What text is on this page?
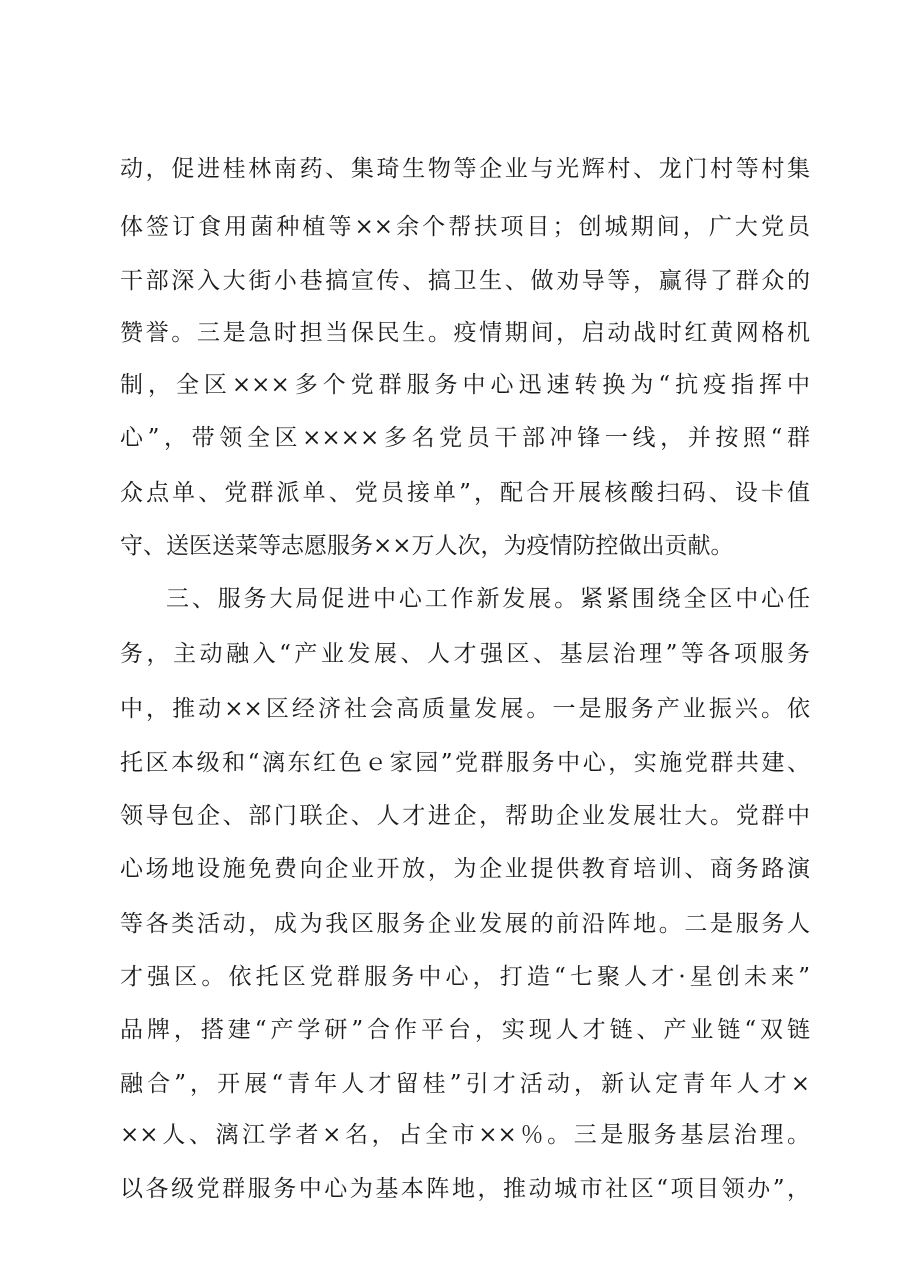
动，促进桂林南药、集琦生物等企业与光辉村、龙门村等村集
体签订食用菌种植等××余个帮扶项目；创城期间，广大党员
干部深入大街小巷搞宣传、搞卫生、做劝导等，赢得了群众的
赞誉。三是急时担当保民生。疫情期间，启动战时红黄网格机
制，全区×××多个党群服务中心迅速转换为“抗疫指挥中
心”，带领全区××××多名党员干部冲锋一线，并按照“群
众点单、党群派单、党员接单”，配合开展核酸扫码、设卡值
守、送医送菜等志愿服务××万人次，为疫情防控做出贡献。
三、服务大局促进中心工作新发展。紧紧围绕全区中心任
务，主动融入“产业发展、人才强区、基层治理”等各项服务
中，推动××区经济社会高质量发展。一是服务产业振兴。依
托区本级和“漓东红色ｅ家园”党群服务中心，实施党群共建、
领导包企、部门联企、人才进企，帮助企业发展壮大。党群中
心场地设施免费向企业开放，为企业提供教育培训、商务路演
等各类活动，成为我区服务企业发展的前沿阵地。二是服务人
才强区。依托区党群服务中心，打造“七聚人才·星创未来”
品牌，搭建“产学研”合作平台，实现人才链、产业链“双链
融合”，开展“青年人才留桂”引才活动，新认定青年人才×
××人、漓江学者×名，占全市××％。三是服务基层治理。
以各级党群服务中心为基本阵地，推动城市社区“项目领办”，
